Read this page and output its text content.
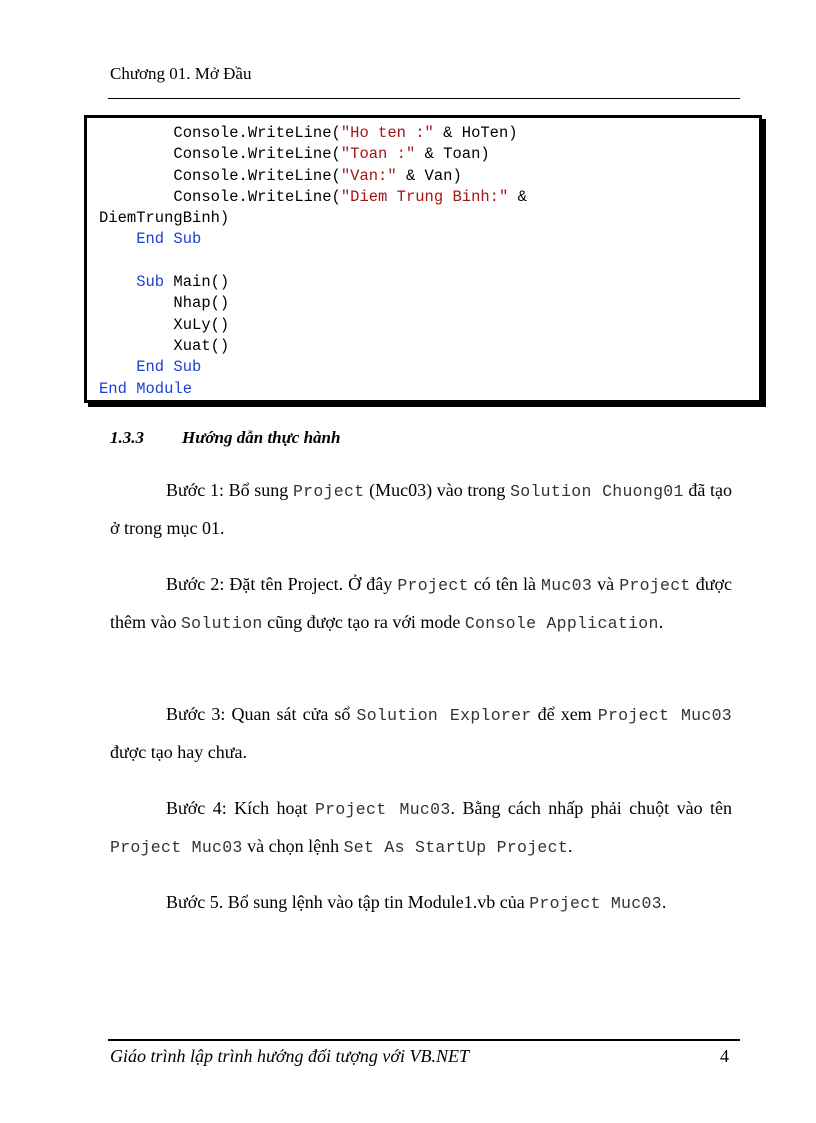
Chương 01. Mở Đầu
Console.WriteLine("Ho ten :" & HoTen)
Console.WriteLine("Toan :" & Toan)
Console.WriteLine("Van:" & Van)
Console.WriteLine("Diem Trung Binh:" &
DiemTrungBinh)
End Sub

Sub Main()
Nhap()
XuLy()
Xuat()
End Sub
End Module
1.3.3 Hướng dẫn thực hành

Bước 1: Bổ sung Project (Muc03) vào trong Solution Chuong01 đã tạo ở trong mục 01.

Bước 2: Đặt tên Project. Ở đây Project có tên là Muc03 và Project được thêm vào Solution cũng được tạo ra với mode Console Application.

Bước 3: Quan sát cửa sổ Solution Explorer để xem Project Muc03 được tạo hay chưa.

Bước 4: Kích hoạt Project Muc03. Bằng cách nhấp phải chuột vào tên Project Muc03 và chọn lệnh Set As StartUp Project.

Bước 5. Bổ sung lệnh vào tập tin Module1.vb của Project Muc03.

Giáo trình lập trình hướng đối tượng với VB.NET	4
